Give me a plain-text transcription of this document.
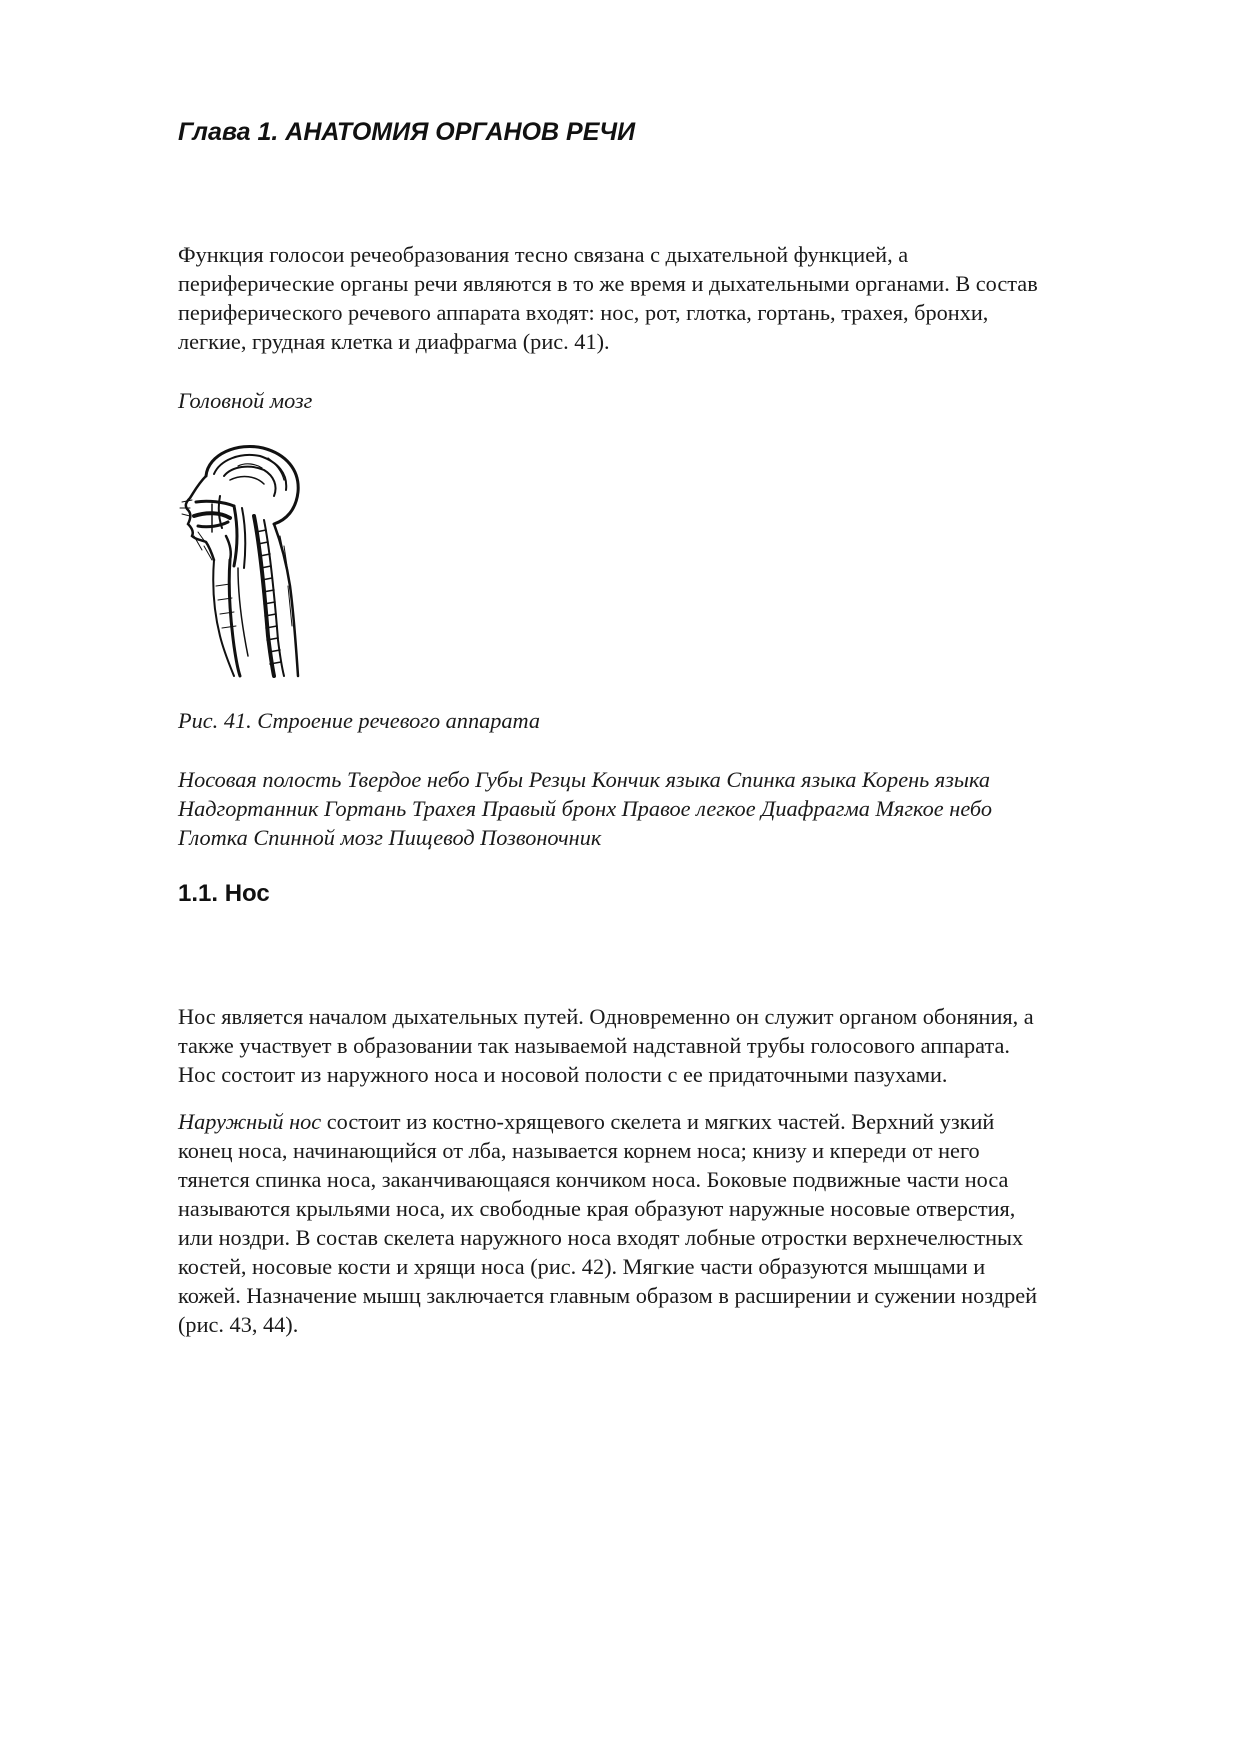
Глава 1. АНАТОМИЯ ОРГАНОВ РЕЧИ
Функция голосои речеобразования тесно связана с дыхательной функцией, а
периферические органы речи являются в то же время и дыхательными органами. В состав
периферического речевого аппарата входят: нос, рот, глотка, гортань, трахея, бронхи,
легкие, грудная клетка и диафрагма (рис. 41).
Головной мозг
Рис. 41. Строение речевого аппарата
Носовая полость Твердое небо Губы Резцы Кончик языка Спинка языка Корень языка
Надгортанник Гортань Трахея Правый бронх Правое легкое Диафрагма Мягкое небо
Глотка Спинной мозг Пищевод Позвоночник
1.1. Нос
Нос является началом дыхательных путей. Одновременно он служит органом обоняния, а
также участвует в образовании так называемой надставной трубы голосового аппарата.
Нос состоит из наружного носа и носовой полости с ее придаточными пазухами.
Наружный нос состоит из костно-хрящевого скелета и мягких частей. Верхний узкий
конец носа, начинающийся от лба, называется корнем носа; книзу и кпереди от него
тянется спинка носа, заканчивающаяся кончиком носа. Боковые подвижные части носа
называются крыльями носа, их свободные края образуют наружные носовые отверстия,
или ноздри. В состав скелета наружного носа входят лобные отростки верхнечелюстных
костей, носовые кости и хрящи носа (рис. 42). Мягкие части образуются мышцами и
кожей. Назначение мышц заключается главным образом в расширении и сужении ноздрей
(рис. 43, 44).
